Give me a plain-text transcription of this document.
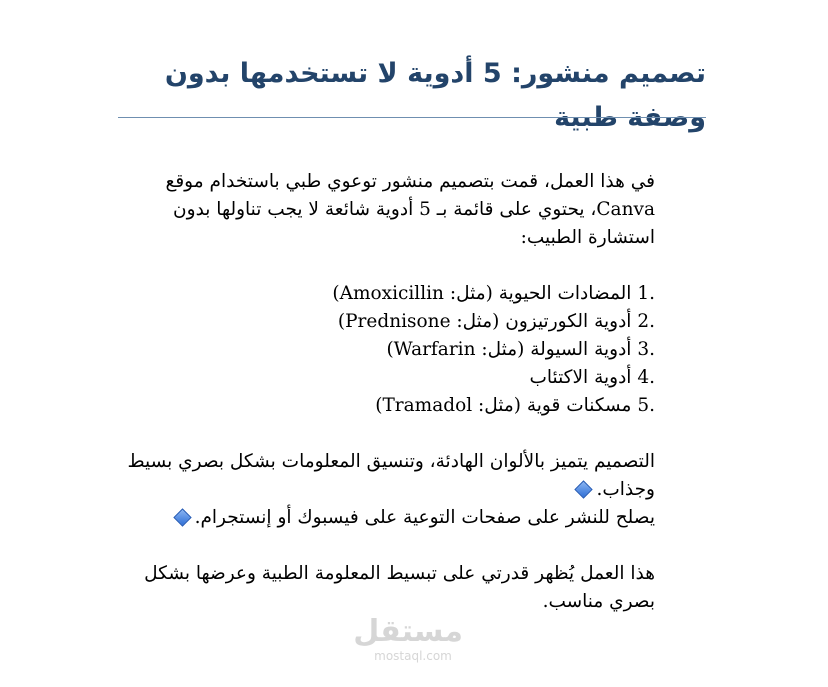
تصميم منشور: 5 أدوية لا تستخدمها بدون وصفة طبية

في هذا العمل، قمت بتصميم منشور توعوي طبي باستخدام موقع Canva، يحتوي على قائمة بـ 5 أدوية شائعة لا يجب تناولها بدون استشارة الطبيب:

1. المضادات الحيوية (مثل: Amoxicillin)
2. أدوية الكورتيزون (مثل: Prednisone)
3. أدوية السيولة (مثل: Warfarin)
4. أدوية الاكتئاب
5. مسكنات قوية (مثل: Tramadol)

التصميم يتميز بالألوان الهادئة، وتنسيق المعلومات بشكل بصري بسيط وجذاب.

يصلح للنشر على صفحات التوعية على فيسبوك أو إنستجرام.

هذا العمل يُظهر قدرتي على تبسيط المعلومة الطبية وعرضها بشكل بصري مناسب.

مستقل
mostaql.com
